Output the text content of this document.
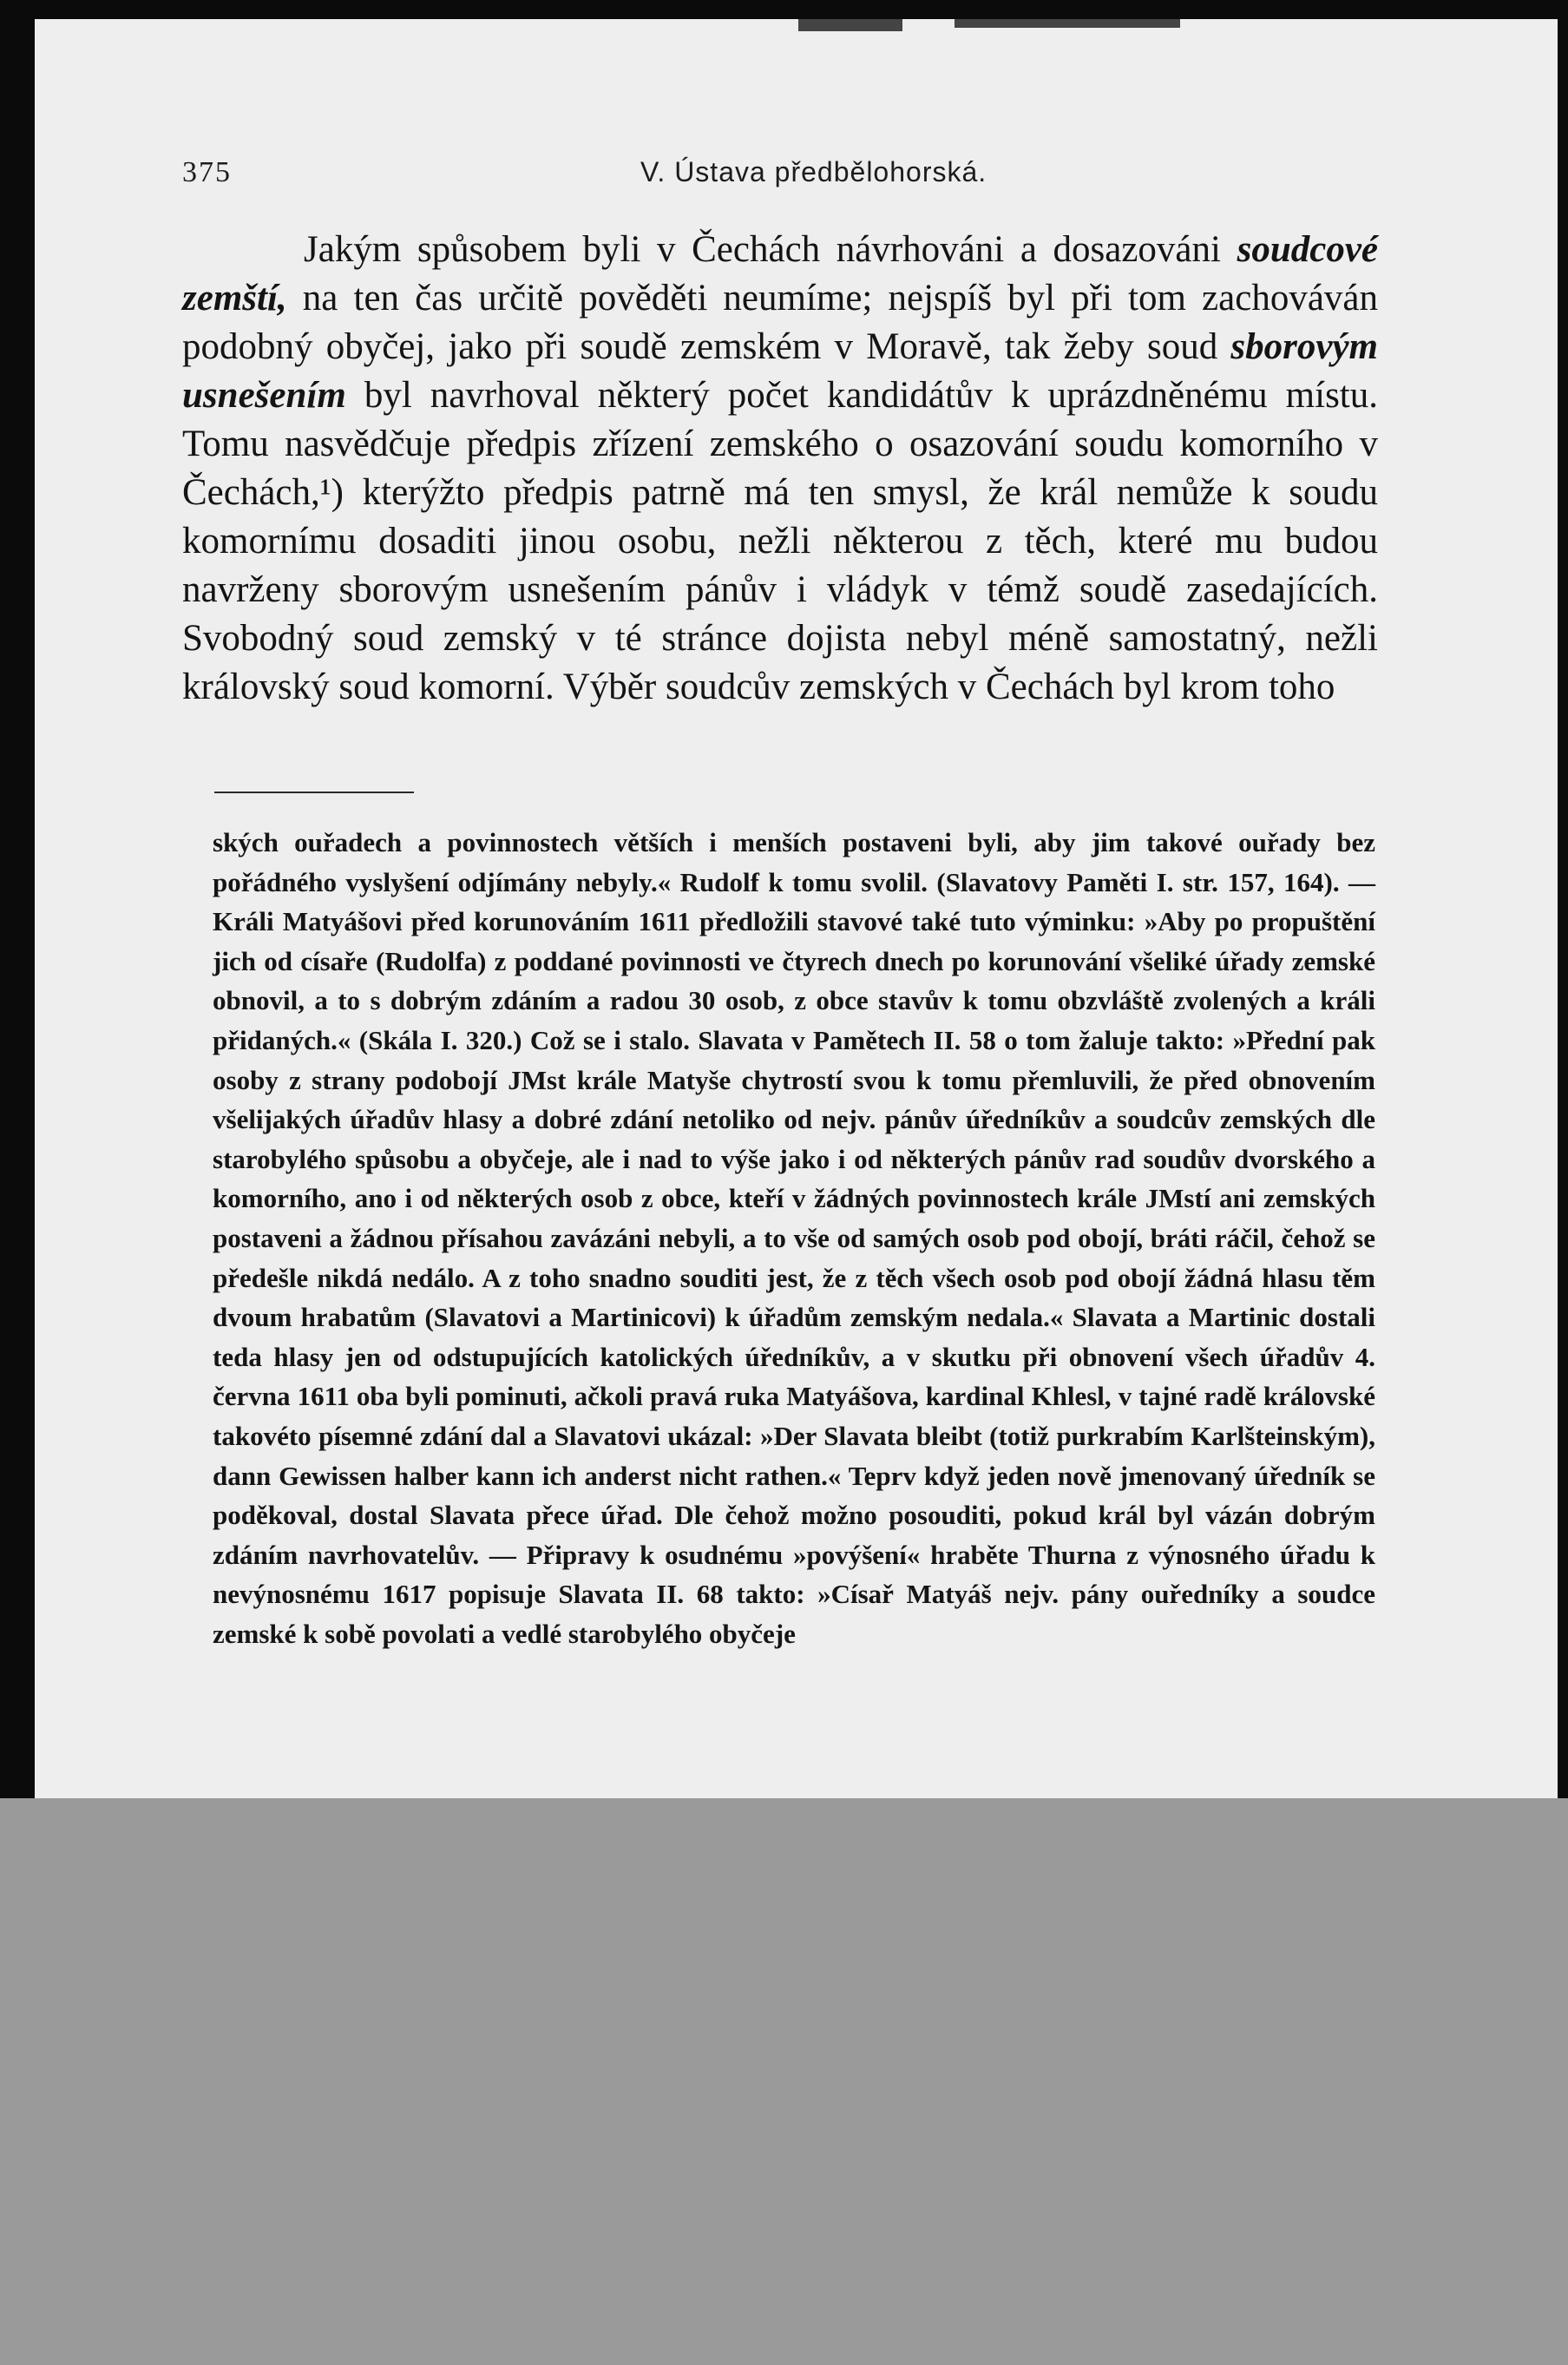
375	V. Ústava předbělohorská.

Jakým spůsobem byli v Čechách návrhováni a dosazováni soudcové zemští, na ten čas určitě pověděti neumíme; nejspíš byl při tom zachováván podobný obyčej, jako při soudě zemském v Moravě, tak žeby soud sborovým usnešením byl navrhoval některý počet kandidátův k uprázdněnému místu. Tomu nasvědčuje předpis zřízení zemského o osazování soudu komorního v Čechách,¹) kterýžto předpis patrně má ten smysl, že král nemůže k soudu komornímu dosaditi jinou osobu, nežli některou z těch, které mu budou navrženy sborovým usnešením pánův i vládyk v témž soudě zasedajících. Svobodný soud zemský v té stránce dojista nebyl méně samostatný, nežli královský soud komorní. Výběr soudcův zemských v Čechách byl krom toho

ských ouřadech a povinnostech větších i menších postaveni byli, aby jim takové ouřady bez pořádného vyslyšení odjímány nebyly.« Rudolf k tomu svolil. (Slavatovy Paměti I. str. 157, 164). — Králi Matyášovi před korunováním 1611 předložili stavové také tuto výminku: »Aby po propuštění jich od císaře (Rudolfa) z poddané povinnosti ve čtyrech dnech po korunování všeliké úřady zemské obnovil, a to s dobrým zdáním a radou 30 osob, z obce stavův k tomu obzvláště zvolených a králi přidaných.« (Skála I. 320.) Což se i stalo. Slavata v Pamětech II. 58 o tom žaluje takto: »Přední pak osoby z strany podobojí JMst krále Matyše chytrostí svou k tomu přemluvili, že před obnovením všelijakých úřadův hlasy a dobré zdání netoliko od nejv. pánův úředníkův a soudcův zemských dle starobylého spůsobu a obyčeje, ale i nad to výše jako i od některých pánův rad soudův dvorského a komorního, ano i od některých osob z obce, kteří v žádných povinnostech krále JMstí ani zemských postaveni a žádnou přísahou zavázáni nebyli, a to vše od samých osob pod obojí, bráti ráčil, čehož se předešle nikdá nedálo. A z toho snadno souditi jest, že z těch všech osob pod obojí žádná hlasu těm dvoum hrabatům (Slavatovi a Martinicovi) k úřadům zemským nedala.« Slavata a Martinic dostali teda hlasy jen od odstupujících katolických úředníkův, a v skutku při obnovení všech úřadův 4. června 1611 oba byli pominuti, ačkoli pravá ruka Matyášova, kardinal Khlesl, v tajné radě královské takovéto písemné zdání dal a Slavatovi ukázal: »Der Slavata bleibt (totiž purkrabím Karlšteinským), dann Gewissen halber kann ich anderst nicht rathen.« Teprv když jeden nově jmenovaný úředník se poděkoval, dostal Slavata přece úřad. Dle čehož možno posouditi, pokud král byl vázán dobrým zdáním navrhovatelův. — Připravy k osudnému »povýšení« hraběte Thurna z výnosného úřadu k nevýnosnému 1617 popisuje Slavata II. 68 takto: »Císař Matyáš nejv. pány ouředníky a soudce zemské k sobě povolati a vedlé starobylého obyčeje
